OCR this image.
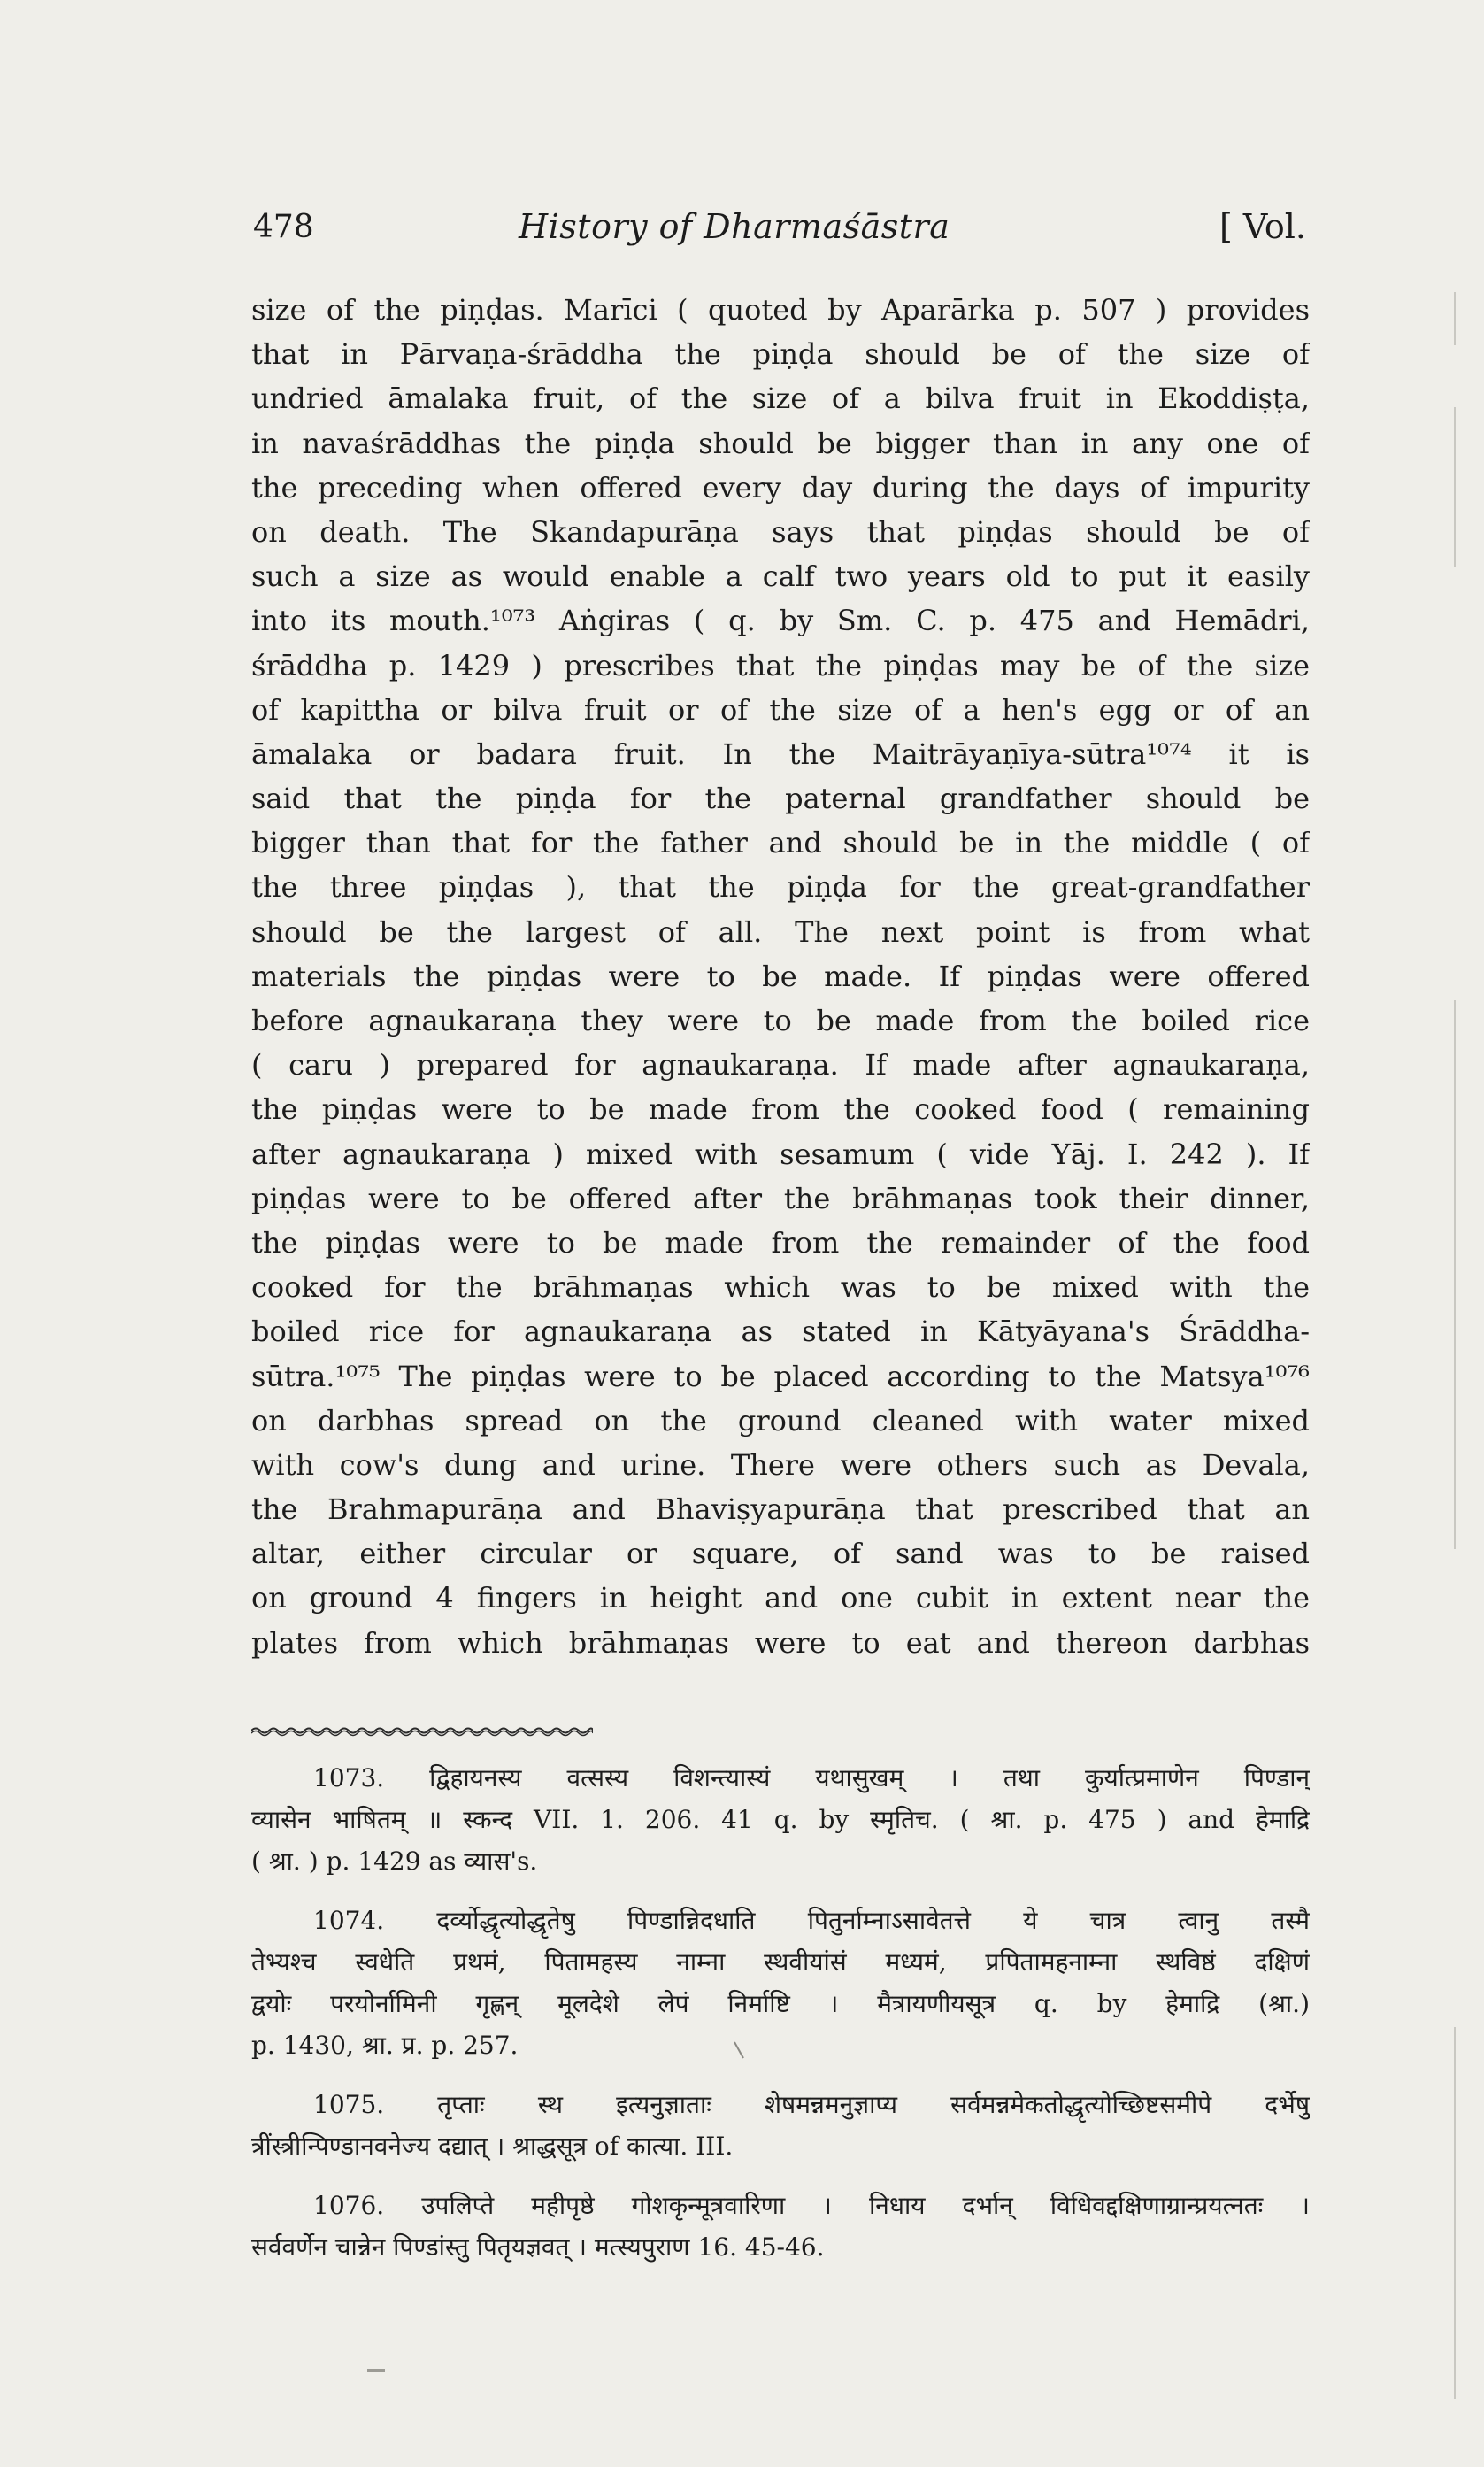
478	History of Dharmaśāstra	[ Vol.
size of the piṇḍas. Marīci ( quoted by Aparārka p. 507 ) provides
that in Pārvaṇa-śrāddha the piṇḍa should be of the size of
undried āmalaka fruit, of the size of a bilva fruit in Ekoddiṣṭa,
in navaśrāddhas the piṇḍa should be bigger than in any one of
the preceding when offered every day during the days of impurity
on death. The Skandapurāṇa says that piṇḍas should be of
such a size as would enable a calf two years old to put it easily
into its mouth.¹⁰⁷³ Aṅgiras ( q. by Sm. C. p. 475 and Hemādri,
śrāddha p. 1429 ) prescribes that the piṇḍas may be of the size
of kapittha or bilva fruit or of the size of a hen's egg or of an
āmalaka or badara fruit. In the Maitrāyaṇīya-sūtra¹⁰⁷⁴ it is
said that the piṇḍa for the paternal grandfather should be
bigger than that for the father and should be in the middle ( of
the three piṇḍas ), that the piṇḍa for the great-grandfather
should be the largest of all. The next point is from what
materials the piṇḍas were to be made. If piṇḍas were offered
before agnaukaraṇa they were to be made from the boiled rice
( caru ) prepared for agnaukaraṇa. If made after agnaukaraṇa,
the piṇḍas were to be made from the cooked food ( remaining
after agnaukaraṇa ) mixed with sesamum ( vide Yāj. I. 242 ). If
piṇḍas were to be offered after the brāhmaṇas took their dinner,
the piṇḍas were to be made from the remainder of the food
cooked for the brāhmaṇas which was to be mixed with the
boiled rice for agnaukaraṇa as stated in Kātyāyana's Śrāddha-
sūtra.¹⁰⁷⁵ The piṇḍas were to be placed according to the Matsya¹⁰⁷⁶
on darbhas spread on the ground cleaned with water mixed
with cow's dung and urine. There were others such as Devala,
the Brahmapurāṇa and Bhaviṣyapurāṇa that prescribed that an
altar, either circular or square, of sand was to be raised
on ground 4 fingers in height and one cubit in extent near the
plates from which brāhmaṇas were to eat and thereon darbhas
1073. द्विहायनस्य वत्सस्य विशन्त्यास्यं यथासुखम् । तथा कुर्यात्प्रमाणेन पिण्डान्
व्यासेन भाषितम् ॥ स्कन्द VII. 1. 206. 41 q. by स्मृतिच. ( श्रा. p. 475 ) and हेमाद्रि
( श्रा. ) p. 1429 as व्यास's.
1074. दर्व्योद्धृत्योद्धृतेषु पिण्डान्निदधाति पितुर्नाम्नाऽसावेतत्ते ये चात्र त्वानु तस्मै
तेभ्यश्च स्वधेति प्रथमं, पितामहस्य नाम्ना स्थवीयांसं मध्यमं, प्रपितामहनाम्ना स्थविष्ठं दक्षिणं
द्वयोः परयोर्नामिनी गृह्णन् मूलदेशे लेपं निर्माष्टि । मैत्रायणीयसूत्र q. by हेमाद्रि (श्रा.)
p. 1430, श्रा. प्र. p. 257.
1075. तृप्ताः स्थ इत्यनुज्ञाताः शेषमन्नमनुज्ञाप्य सर्वमन्नमेकतोद्धृत्योच्छिष्टसमीपे दर्भेषु
त्रींस्त्रीन्पिण्डानवनेज्य दद्यात् । श्राद्धसूत्र of कात्या. III.
1076. उपलिप्ते महीपृष्ठे गोशकृन्मूत्रवारिणा । निधाय दर्भान् विधिवद्दक्षिणाग्रान्प्रयत्नतः ।
सर्ववर्णेन चान्नेन पिण्डांस्तु पितृयज्ञवत् । मत्स्यपुराण 16. 45-46.
